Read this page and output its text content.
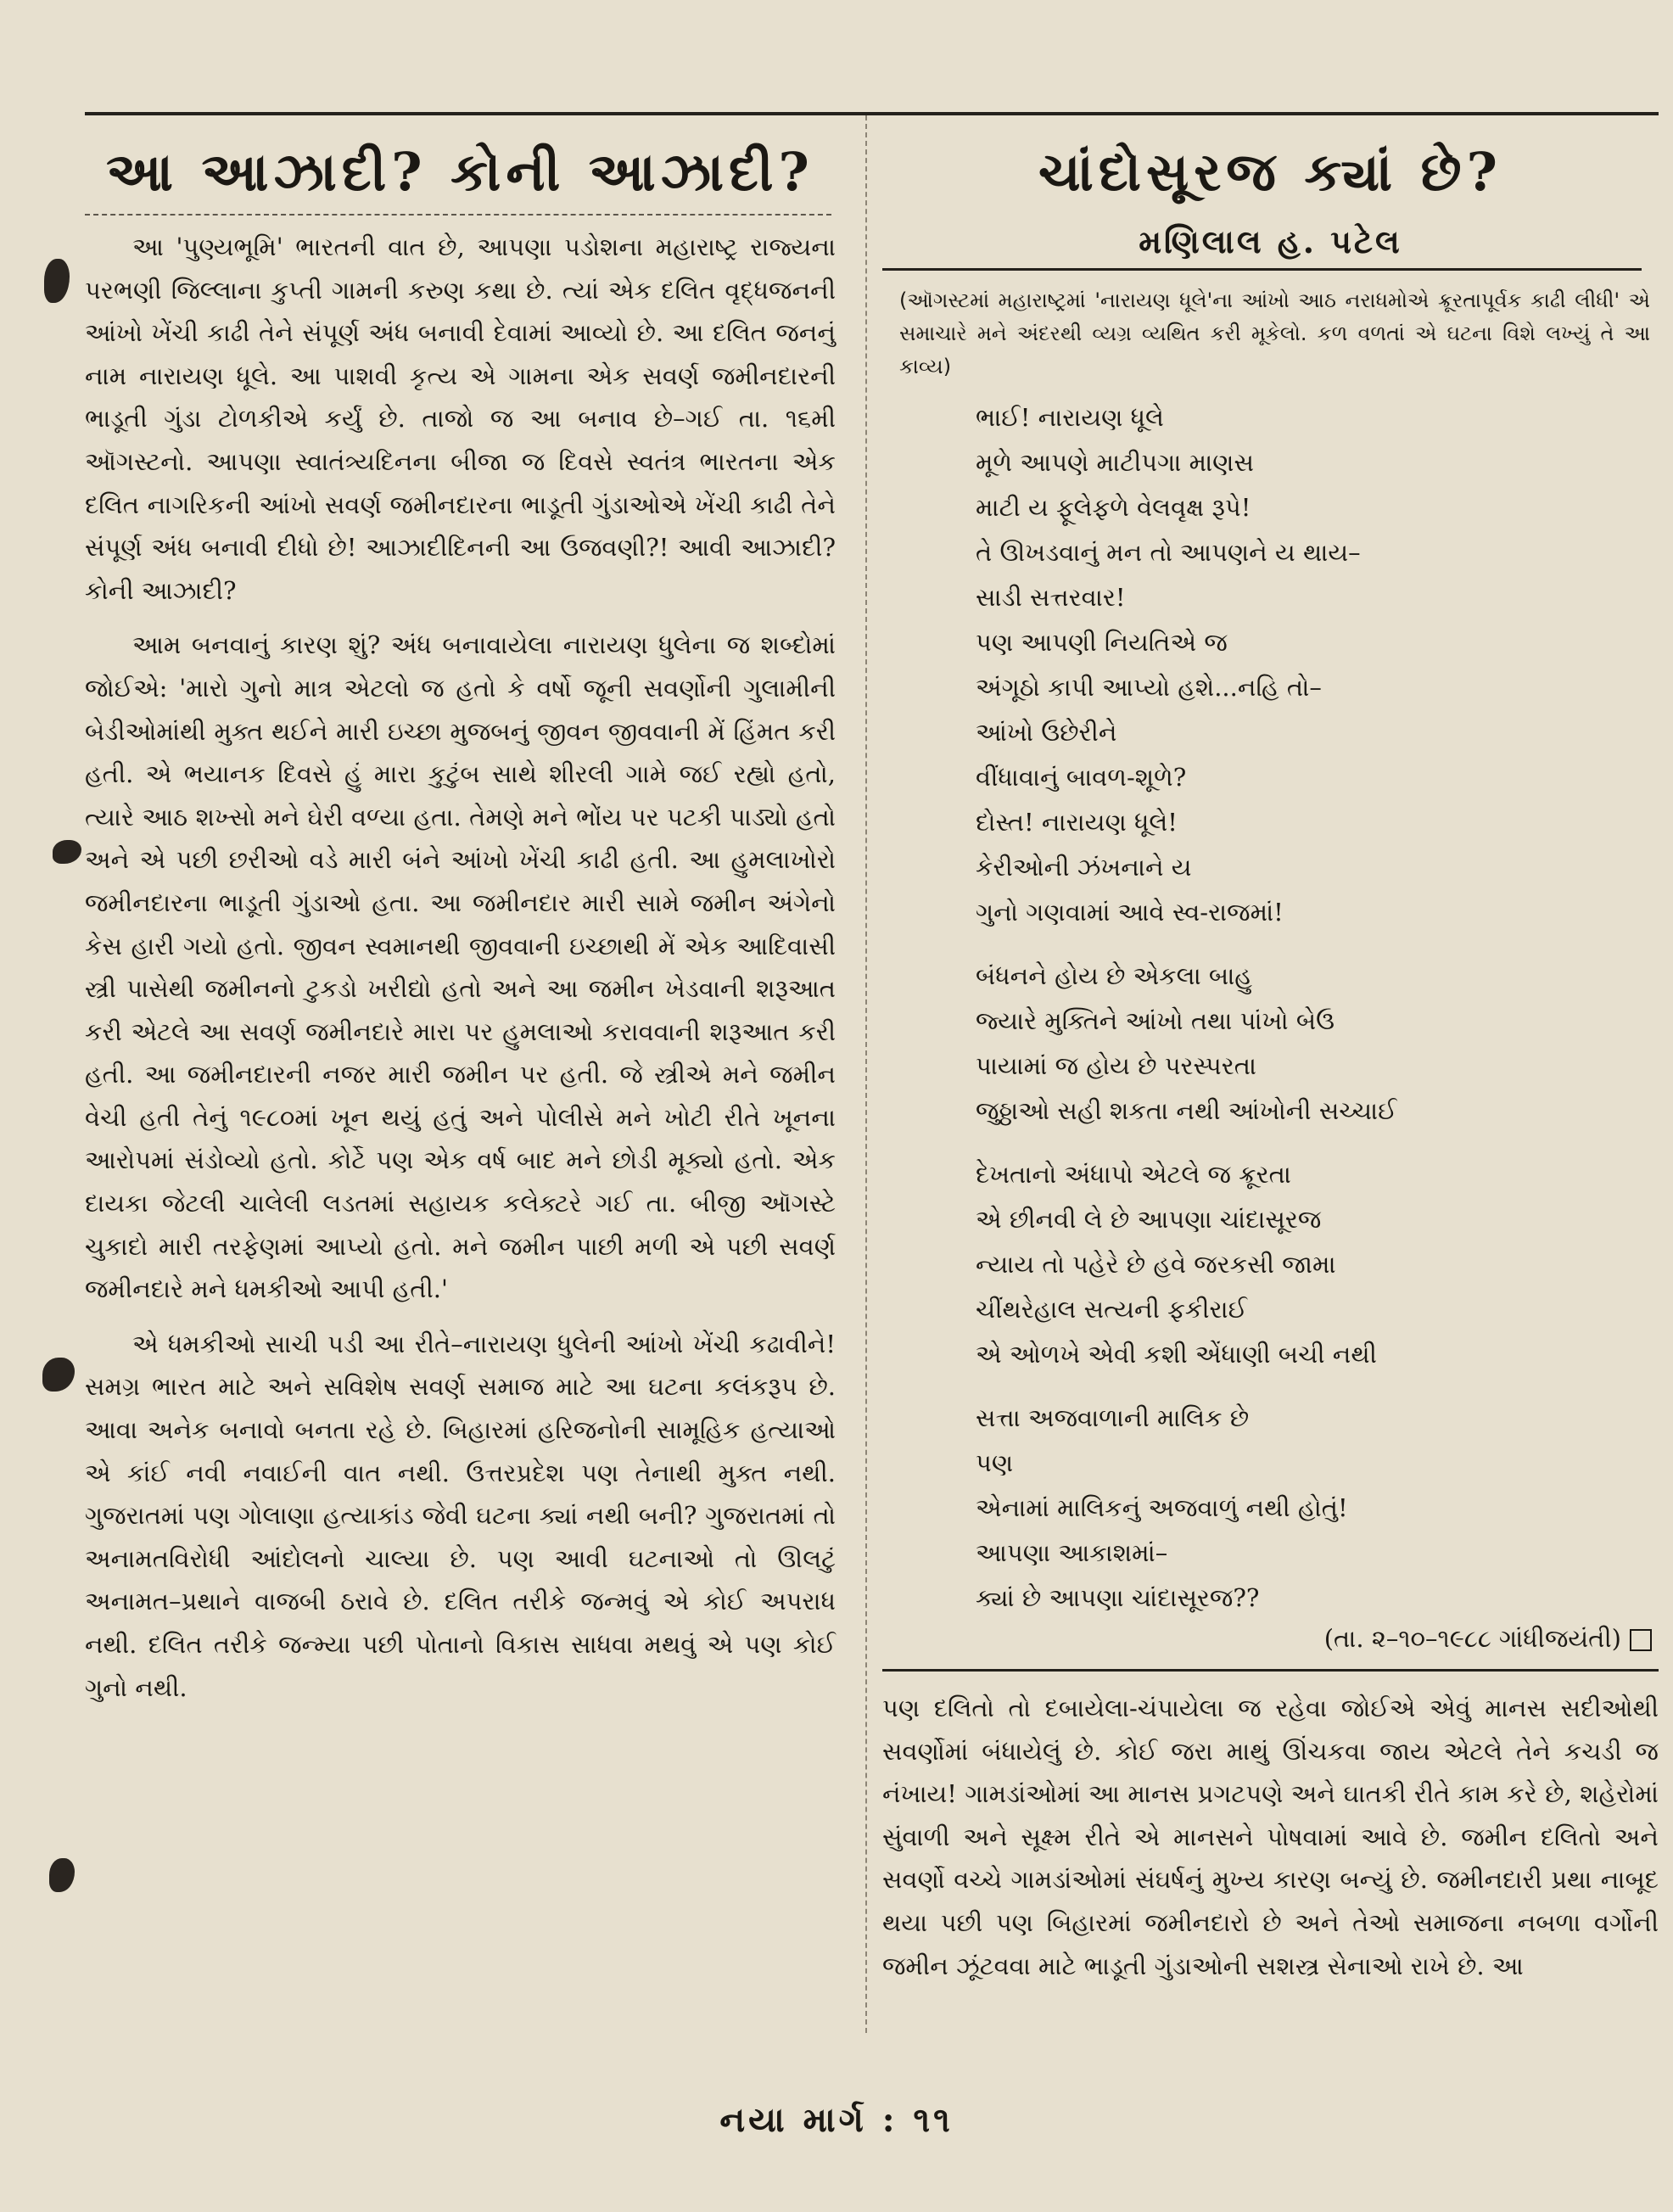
આ આઝાદી? કોની આઝાદી?

આ 'પુણ્યભૂમિ' ભારતની વાત છે, આપણા પડોશના મહારાષ્ટ્ર રાજ્યના પરભણી જિલ્લાના કુપ્તી ગામની કરુણ કથા છે. ત્યાં એક દલિત વૃદ્ધજનની આંખો ખેંચી કાઢી તેને સંપૂર્ણ અંધ બનાવી દેવામાં આવ્યો છે. આ દલિત જનનું નામ નારાયણ ધૂલે. આ પાશવી કૃત્ય એ ગામના એક સવર્ણ જમીનદારની ભાડૂતી ગુંડા ટોળકીએ કર્યું છે. તાજો જ આ બનાવ છે–ગઈ તા. ૧૬મી ઑગસ્ટનો. આપણા સ્વાતંત્ર્યદિનના બીજા જ દિવસે સ્વતંત્ર ભારતના એક દલિત નાગરિકની આંખો સવર્ણ જમીનદારના ભાડૂતી ગુંડાઓએ ખેંચી કાઢી તેને સંપૂર્ણ અંધ બનાવી દીધો છે! આઝાદીદિનની આ ઉજવણી?! આવી આઝાદી? કોની આઝાદી?

આમ બનવાનું કારણ શું? અંધ બનાવાયેલા નારાયણ ધુલેના જ શબ્દોમાં જોઈએ: 'મારો ગુનો માત્ર એટલો જ હતો કે વર્ષો જૂની સવર્ણોની ગુલામીની બેડીઓમાંથી મુક્ત થઈને મારી ઇચ્છા મુજબનું જીવન જીવવાની મેં હિંમત કરી હતી. એ ભયાનક દિવસે હું મારા કુટુંબ સાથે શીરલી ગામે જઈ રહ્યો હતો, ત્યારે આઠ શખ્સો મને ઘેરી વળ્યા હતા. તેમણે મને ભોંય પર પટકી પાડ્યો હતો અને એ પછી છરીઓ વડે મારી બંને આંખો ખેંચી કાઢી હતી. આ હુમલાખોરો જમીનદારના ભાડૂતી ગુંડાઓ હતા. આ જમીનદાર મારી સામે જમીન અંગેનો કેસ હારી ગયો હતો. જીવન સ્વમાનથી જીવવાની ઇચ્છાથી મેં એક આદિવાસી સ્ત્રી પાસેથી જમીનનો ટુકડો ખરીદ્યો હતો અને આ જમીન ખેડવાની શરૂઆત કરી એટલે આ સવર્ણ જમીનદારે મારા પર હુમલાઓ કરાવવાની શરૂઆત કરી હતી. આ જમીનદારની નજર મારી જમીન પર હતી. જે સ્ત્રીએ મને જમીન વેચી હતી તેનું ૧૯૮૦માં ખૂન થયું હતું અને પોલીસે મને ખોટી રીતે ખૂનના આરોપમાં સંડોવ્યો હતો. કોર્ટે પણ એક વર્ષ બાદ મને છોડી મૂક્યો હતો. એક દાયકા જેટલી ચાલેલી લડતમાં સહાયક કલેક્ટરે ગઈ તા. બીજી ઑગસ્ટે ચુકાદો મારી તરફેણમાં આપ્યો હતો. મને જમીન પાછી મળી એ પછી સવર્ણ જમીનદારે મને ધમકીઓ આપી હતી.'

એ ધમકીઓ સાચી પડી આ રીતે–નારાયણ ધુલેની આંખો ખેંચી કઢાવીને! સમગ્ર ભારત માટે અને સવિશેષ સવર્ણ સમાજ માટે આ ઘટના કલંકરૂપ છે. આવા અનેક બનાવો બનતા રહે છે. બિહારમાં હરિજનોની સામૂહિક હત્યાઓ એ કાંઈ નવી નવાઈની વાત નથી. ઉત્તરપ્રદેશ પણ તેનાથી મુક્ત નથી. ગુજરાતમાં પણ ગોલાણા હત્યાકાંડ જેવી ઘટના ક્યાં નથી બની? ગુજરાતમાં તો અનામતવિરોધી આંદોલનો ચાલ્યા છે. પણ આવી ઘટનાઓ તો ઊલટું અનામત–પ્રથાને વાજબી ઠરાવે છે. દલિત તરીકે જન્મવું એ કોઈ અપરાધ નથી. દલિત તરીકે જન્મ્યા પછી પોતાનો વિકાસ સાધવા મથવું એ પણ કોઈ ગુનો નથી.

ચાંદોસૂરજ ક્યાં છે?
મણિલાલ હ. પટેલ
(ઑગસ્ટમાં મહારાષ્ટ્રમાં 'નારાયણ ધૂલે'ના આંખો આઠ નરાધમોએ ક્રૂરતાપૂર્વક કાઢી લીધી' એ સમાચારે મને અંદરથી વ્યગ્ર વ્યથિત કરી મૂકેલો. કળ વળતાં એ ઘટના વિશે લખ્યું તે આ કાવ્ય)
ભાઈ! નારાયણ ધૂલે
મૂળે આપણે માટીપગા માણસ
માટી ય ફૂલેફળે વેલવૃક્ષ રૂપે!
તે ઊખડવાનું મન તો આપણને ય થાય–
સાડી સત્તરવાર!
પણ આપણી નિયતિએ જ
અંગૂઠો કાપી આપ્યો હશે...નહિ તો–
આંખો ઉછેરીને
વીંધાવાનું બાવળ-શૂળે?
દોસ્ત! નારાયણ ધૂલે!
કેરીઓની ઝંખનાને ય
ગુનો ગણવામાં આવે સ્વ-રાજમાં!
બંધનને હોય છે એકલા બાહુ
જ્યારે મુક્તિને આંખો તથા પાંખો બેઉ
પાયામાં જ હોય છે પરસ્પરતા
જુઠ્ઠાઓ સહી શકતા નથી આંખોની સચ્ચાઈ
દેખતાનો અંધાપો એટલે જ ક્રૂરતા
એ છીનવી લે છે આપણા ચાંદાસૂરજ
ન્યાય તો પહેરે છે હવે જરકસી જામા
ચીંથરેહાલ સત્યની ફકીરાઈ
એ ઓળખે એવી કશી એંધાણી બચી નથી
સત્તા અજવાળાની માલિક છે
પણ
એનામાં માલિકનું અજવાળું નથી હોતું!
આપણા આકાશમાં–
ક્યાં છે આપણા ચાંદાસૂરજ??
(તા. ૨–૧૦–૧૯૮૮ ગાંધીજયંતી)

પણ દલિતો તો દબાયેલા-ચંપાયેલા જ રહેવા જોઈએ એવું માનસ સદીઓથી સવર્ણોમાં બંધાયેલું છે. કોઈ જરા માથું ઊંચકવા જાય એટલે તેને કચડી જ નંખાય! ગામડાંઓમાં આ માનસ પ્રગટપણે અને ઘાતકી રીતે કામ કરે છે, શહેરોમાં સુંવાળી અને સૂક્ષ્મ રીતે એ માનસને પોષવામાં આવે છે. જમીન દલિતો અને સવર્ણો વચ્ચે ગામડાંઓમાં સંઘર્ષનું મુખ્ય કારણ બન્યું છે. જમીનદારી પ્રથા નાબૂદ થયા પછી પણ બિહારમાં જમીનદારો છે અને તેઓ સમાજના નબળા વર્ગોની જમીન ઝૂંટવવા માટે ભાડૂતી ગુંડાઓની સશસ્ત્ર સેનાઓ રાખે છે. આ

નયા માર્ગ : ૧૧
